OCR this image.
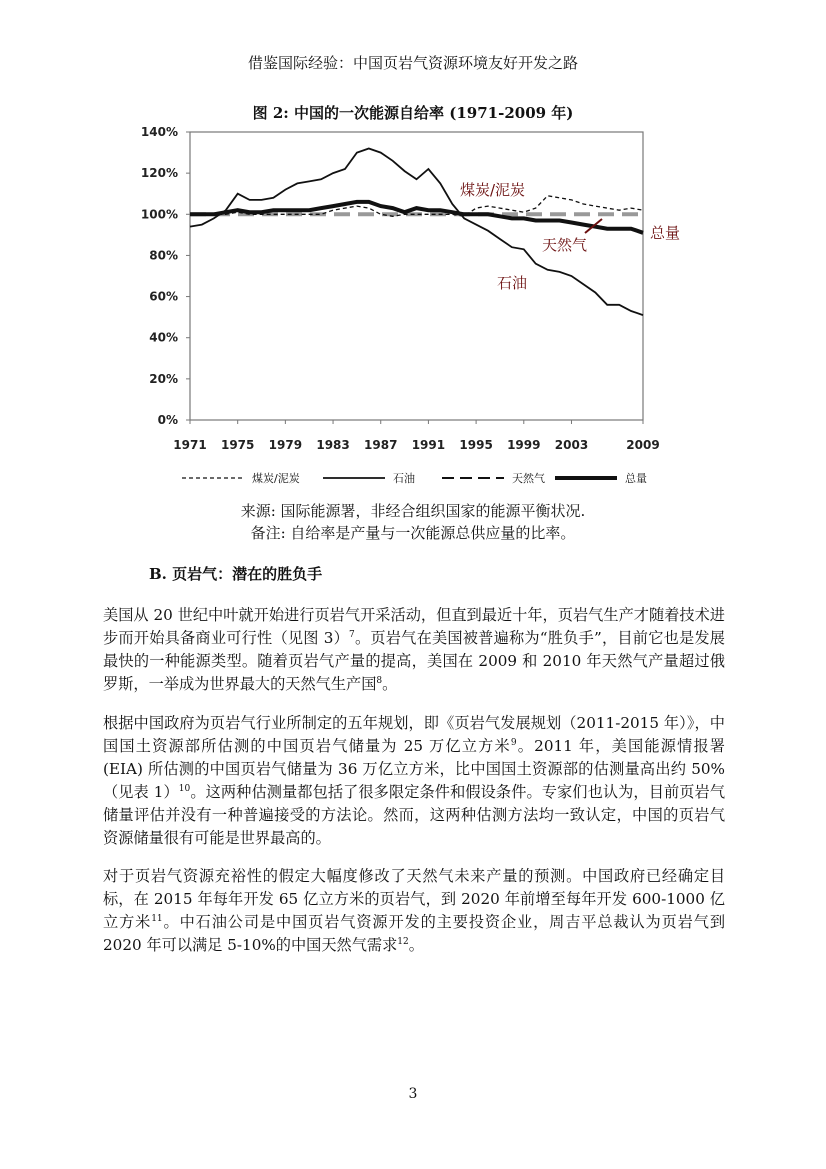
借鉴国际经验：中国页岩气资源环境友好开发之路
图 2: 中国的一次能源自给率 (1971-2009 年)
0%
20%
40%
60%
80%
100%
120%
140%
1971 1975 1979 1983 1987 1991 1995 1999 2003	2009
煤炭/泥炭
天然气
总量
石油
煤炭/泥炭	石油	天然气	总量
来源: 国际能源署，非经合组织国家的能源平衡状况.
备注: 自给率是产量与一次能源总供应量的比率。
B. 页岩气：潜在的胜负手

美国从 20 世纪中叶就开始进行页岩气开采活动，但直到最近十年，页岩气生产才随着技术进步而开始具备商业可行性（见图 3）$^7$。页岩气在美国被普遍称为“胜负手”，目前它也是发展最快的一种能源类型。随着页岩气产量的提高，美国在 2009 和 2010 年天然气产量超过俄罗斯，一举成为世界最大的天然气生产国$^8$。

根据中国政府为页岩气行业所制定的五年规划，即《页岩气发展规划（2011-2015 年）》，中国国土资源部所估测的中国页岩气储量为 25 万亿立方米$^9$。2011 年，美国能源情报署 (EIA) 所估测的中国页岩气储量为 36 万亿立方米，比中国国土资源部的估测量高出约 50%（见表 1）$^{10}$。这两种估测量都包括了很多限定条件和假设条件。专家们也认为，目前页岩气储量评估并没有一种普遍接受的方法论。然而，这两种估测方法均一致认定，中国的页岩气资源储量很有可能是世界最高的。

对于页岩气资源充裕性的假定大幅度修改了天然气未来产量的预测。中国政府已经确定目标，在 2015 年每年开发 65 亿立方米的页岩气，到 2020 年前增至每年开发 600-1000 亿立方米$^{11}$。中石油公司是中国页岩气资源开发的主要投资企业，周吉平总裁认为页岩气到 2020 年可以满足 5-10%的中国天然气需求$^{12}$。

3
